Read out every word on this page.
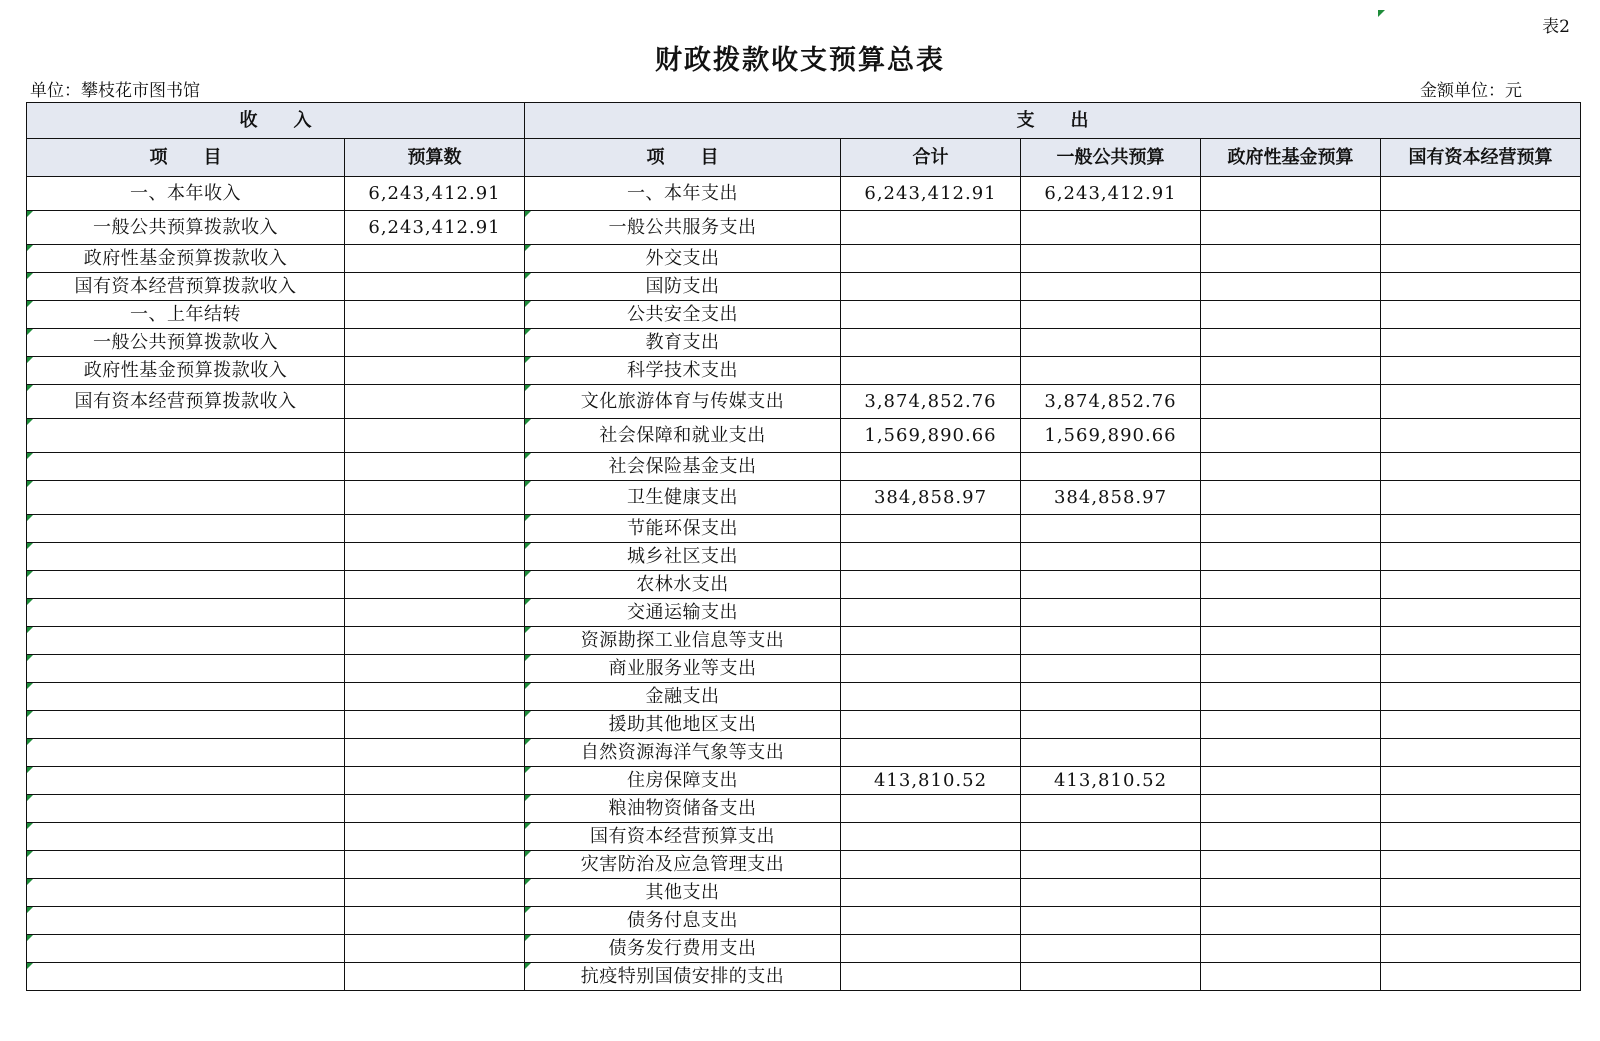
表2
财政拨款收支预算总表
单位：攀枝花市图书馆	金额单位：元
收　　入		支　　出				
项　　目	预算数	项　　目	合计	一般公共预算	政府性基金预算	国有资本经营预算
一、本年收入	6,243,412.91	一、本年支出	6,243,412.91	6,243,412.91		
一般公共预算拨款收入	6,243,412.91	一般公共服务支出				
政府性基金预算拨款收入		外交支出				
国有资本经营预算拨款收入		国防支出				
一、上年结转		公共安全支出				
一般公共预算拨款收入		教育支出				
政府性基金预算拨款收入		科学技术支出				
国有资本经营预算拨款收入		文化旅游体育与传媒支出	3,874,852.76	3,874,852.76		
		社会保障和就业支出	1,569,890.66	1,569,890.66		
		社会保险基金支出				
		卫生健康支出	384,858.97	384,858.97		
		节能环保支出				
		城乡社区支出				
		农林水支出				
		交通运输支出				
		资源勘探工业信息等支出				
		商业服务业等支出				
		金融支出				
		援助其他地区支出				
		自然资源海洋气象等支出				
		住房保障支出	413,810.52	413,810.52		
		粮油物资储备支出				
		国有资本经营预算支出				
		灾害防治及应急管理支出				
		其他支出				
		债务付息支出				
		债务发行费用支出				
		抗疫特别国债安排的支出				
